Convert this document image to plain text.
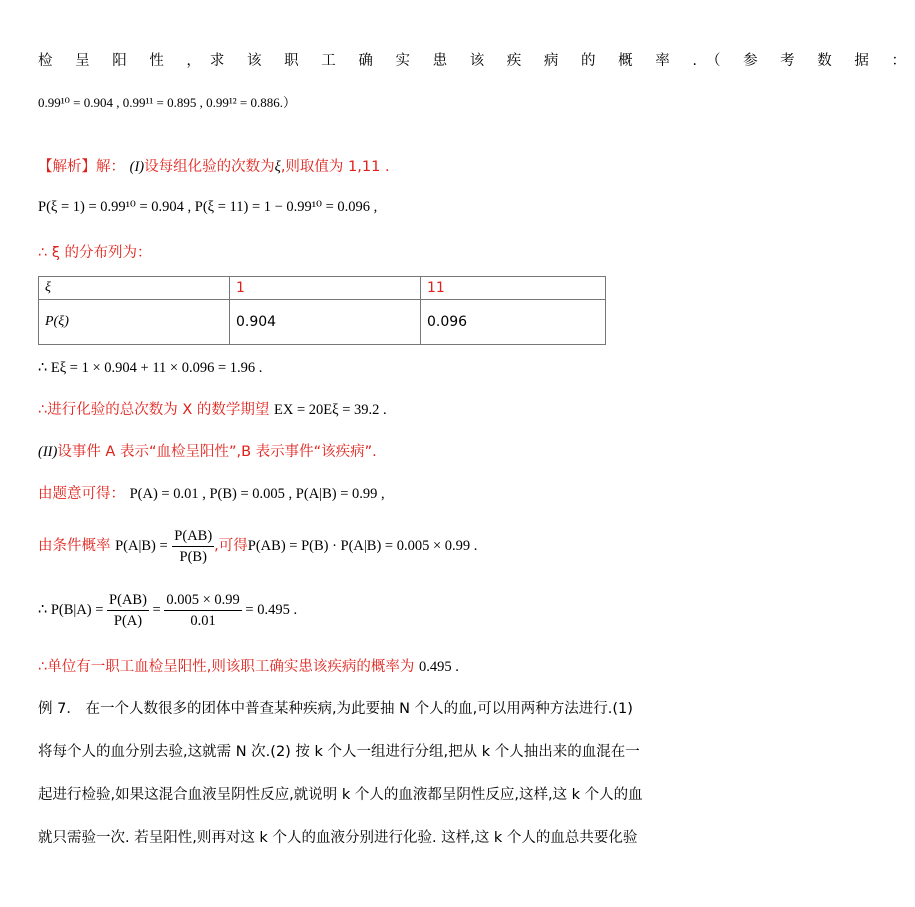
检 呈 阳 性 ，求 该 职 工 确 实 患 该 疾 病 的 概 率 .（ 参 考 数 据 ：
0.99¹⁰ = 0.904 , 0.99¹¹ = 0.895 , 0.99¹² = 0.886.）
【解析】解： (I)设每组化验的次数为ξ,则取值为 1,11 .
P(ξ = 1) = 0.99¹⁰ = 0.904 , P(ξ = 11) = 1 − 0.99¹⁰ = 0.096 ,
∴ ξ 的分布列为：
ξ	1	11
P(ξ)	0.904	0.096
∴ Eξ = 1 × 0.904 + 11 × 0.096 = 1.96 .
∴进行化验的总次数为 X 的数学期望 EX = 20Eξ = 39.2 .
(II)设事件 A 表示“血检呈阳性”,B 表示事件“该疾病”.
由题意可得： P(A) = 0.01 , P(B) = 0.005 , P(A|B) = 0.99 ,
由条件概率 $P(A|B) = \frac{P(AB)}{P(B)}$ ,可得P(AB) = P(B) · P(A|B) = 0.005 × 0.99 .
∴ $P(B|A) = \frac{P(AB)}{P(A)} = \frac{0.005 \times 0.99}{0.01} = 0.495$ .
∴单位有一职工血检呈阳性,则该职工确实患该疾病的概率为 0.495 .
例 7． 在一个人数很多的团体中普查某种疾病,为此要抽 N 个人的血,可以用两种方法进行.(1)
将每个人的血分别去验,这就需 N 次.(2) 按 k 个人一组进行分组,把从 k 个人抽出来的血混在一
起进行检验,如果这混合血液呈阴性反应,就说明 k 个人的血液都呈阴性反应,这样,这 k 个人的血
就只需验一次. 若呈阳性,则再对这 k 个人的血液分别进行化验. 这样,这 k 个人的血总共要化验
